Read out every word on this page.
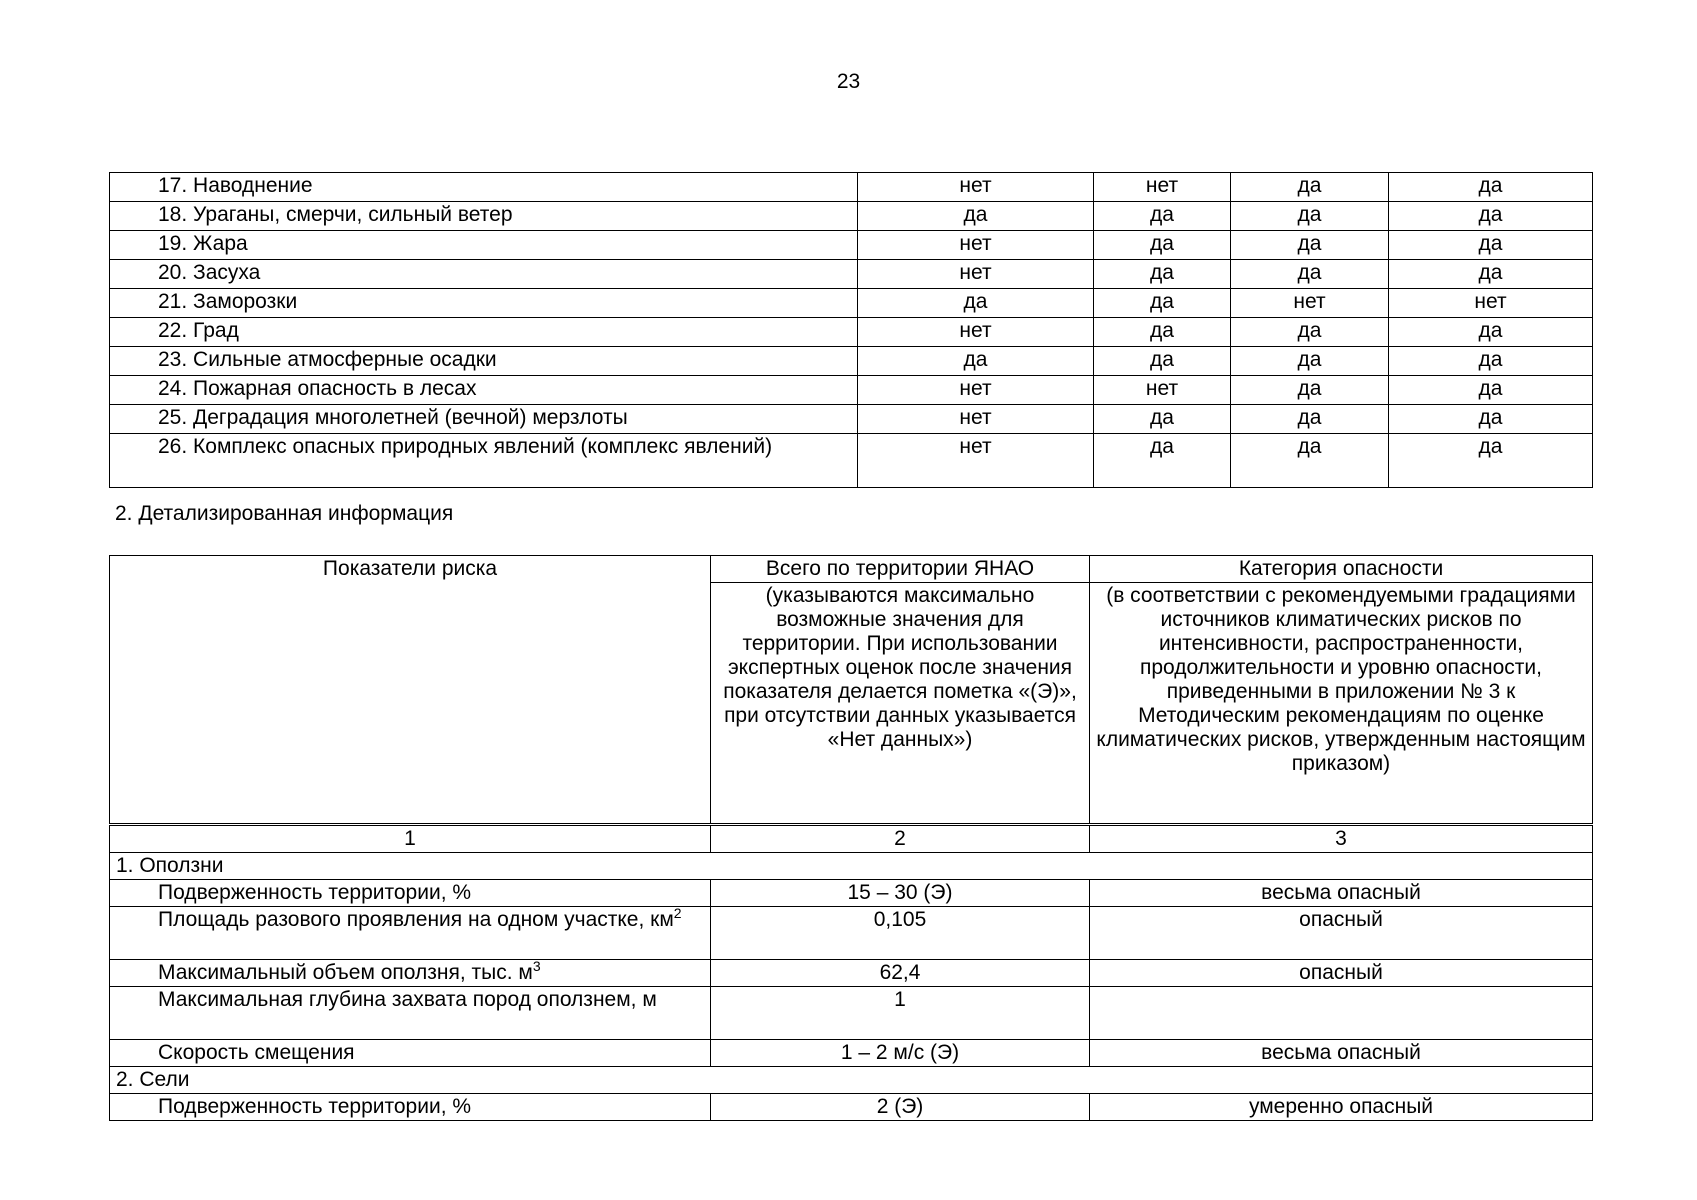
23
17. Наводнение	нет	нет	да	да
18. Ураганы, смерчи, сильный ветер	да	да	да	да
19. Жара	нет	да	да	да
20. Засуха	нет	да	да	да
21. Заморозки	да	да	нет	нет
22. Град	нет	да	да	да
23. Сильные атмосферные осадки	да	да	да	да
24. Пожарная опасность в лесах	нет	нет	да	да
25. Деградация многолетней (вечной) мерзлоты	нет	да	да	да
26. Комплекс опасных природных явлений (комплекс явлений)	нет	да	да	да
2. Детализированная информация
Показатели риска	Всего по территории ЯНАО	Категория опасности
	(указываются максимально возможные значения для территории. При использовании экспертных оценок после значения показателя делается пометка «(Э)», при отсутствии данных указывается «Нет данных»)	(в соответствии с рекомендуемыми градациями источников климатических рисков по интенсивности, распространенности, продолжительности и уровню опасности, приведенными в приложении № 3 к Методическим рекомендациям по оценке климатических рисков, утвержденным настоящим приказом)
1	2	3
1. Оползни		
Подверженность территории, %	15 – 30 (Э)	весьма опасный
Площадь разового проявления на одном участке, $км^2$	0,105	опасный
Максимальный объем оползня, тыс. $м^3$	62,4	опасный
Максимальная глубина захвата пород оползнем, м	1	
Скорость смещения	1 – 2 м/с (Э)	весьма опасный
2. Сели		
Подверженность территории, %	2 (Э)	умеренно опасный
